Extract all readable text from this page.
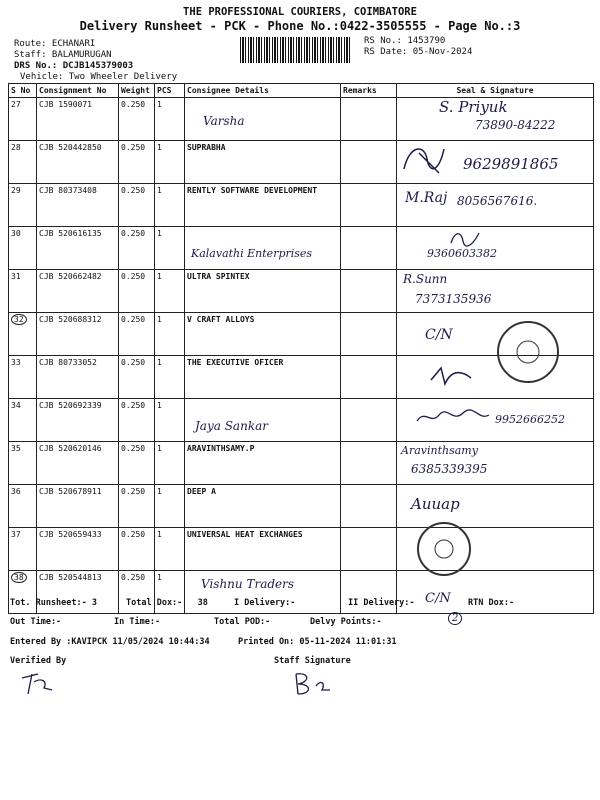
THE PROFESSIONAL COURIERS, COIMBATORE
Delivery Runsheet - PCK - Phone No.:0422-3505555 - Page No.:3
Route: ECHANARI
Staff: BALAMURUGAN
DRS No.: DCJB145379003
Vehicle: Two Wheeler Delivery
RS No.: 1453790
RS Date: 05-Nov-2024
S No	Consignment No	Weight	PCS	Consignee Details	Remarks	Seal & Signature
27	CJB 1590071	0.250	1	Varsha		S. Priyuk
73890-84222

28	CJB 520442850	0.250	1	SUPRABHA		9629891865

29	CJB 80373408	0.250	1	RENTLY SOFTWARE DEVELOPMENT		M.Raj 8056567616.

30	CJB 520616135	0.250	1	Kalavathi Enterprises		9360603382

31	CJB 520662482	0.250	1	ULTRA SPINTEX		R.Sunn
7373135936

32	CJB 520688312	0.250	1	V CRAFT ALLOYS		C/N

33	CJB 80733052	0.250	1	THE EXECUTIVE OFICER		

34	CJB 520692339	0.250	1	Jaya Sankar		9952666252

35	CJB 520620146	0.250	1	ARAVINTHSAMY.P		Aravinthsamy
6385339395

36	CJB 520678911	0.250	1	DEEP A		Auuap

37	CJB 520659433	0.250	1	UNIVERSAL HEAT EXCHANGES		

38	CJB 520544813	0.250	1	Vishnu Traders		C/N
Tot. Runsheet:- 3	Total Dox:-   38	I Delivery:-	II Delivery:-	RTN Dox:-
Out Time:-	In Time:-	Total POD:-	Delvy Points:-	2
Entered By :KAVIPCK 11/05/2024 10:44:34	Printed On: 05-11-2024 11:01:31
Verified By	Staff Signature
